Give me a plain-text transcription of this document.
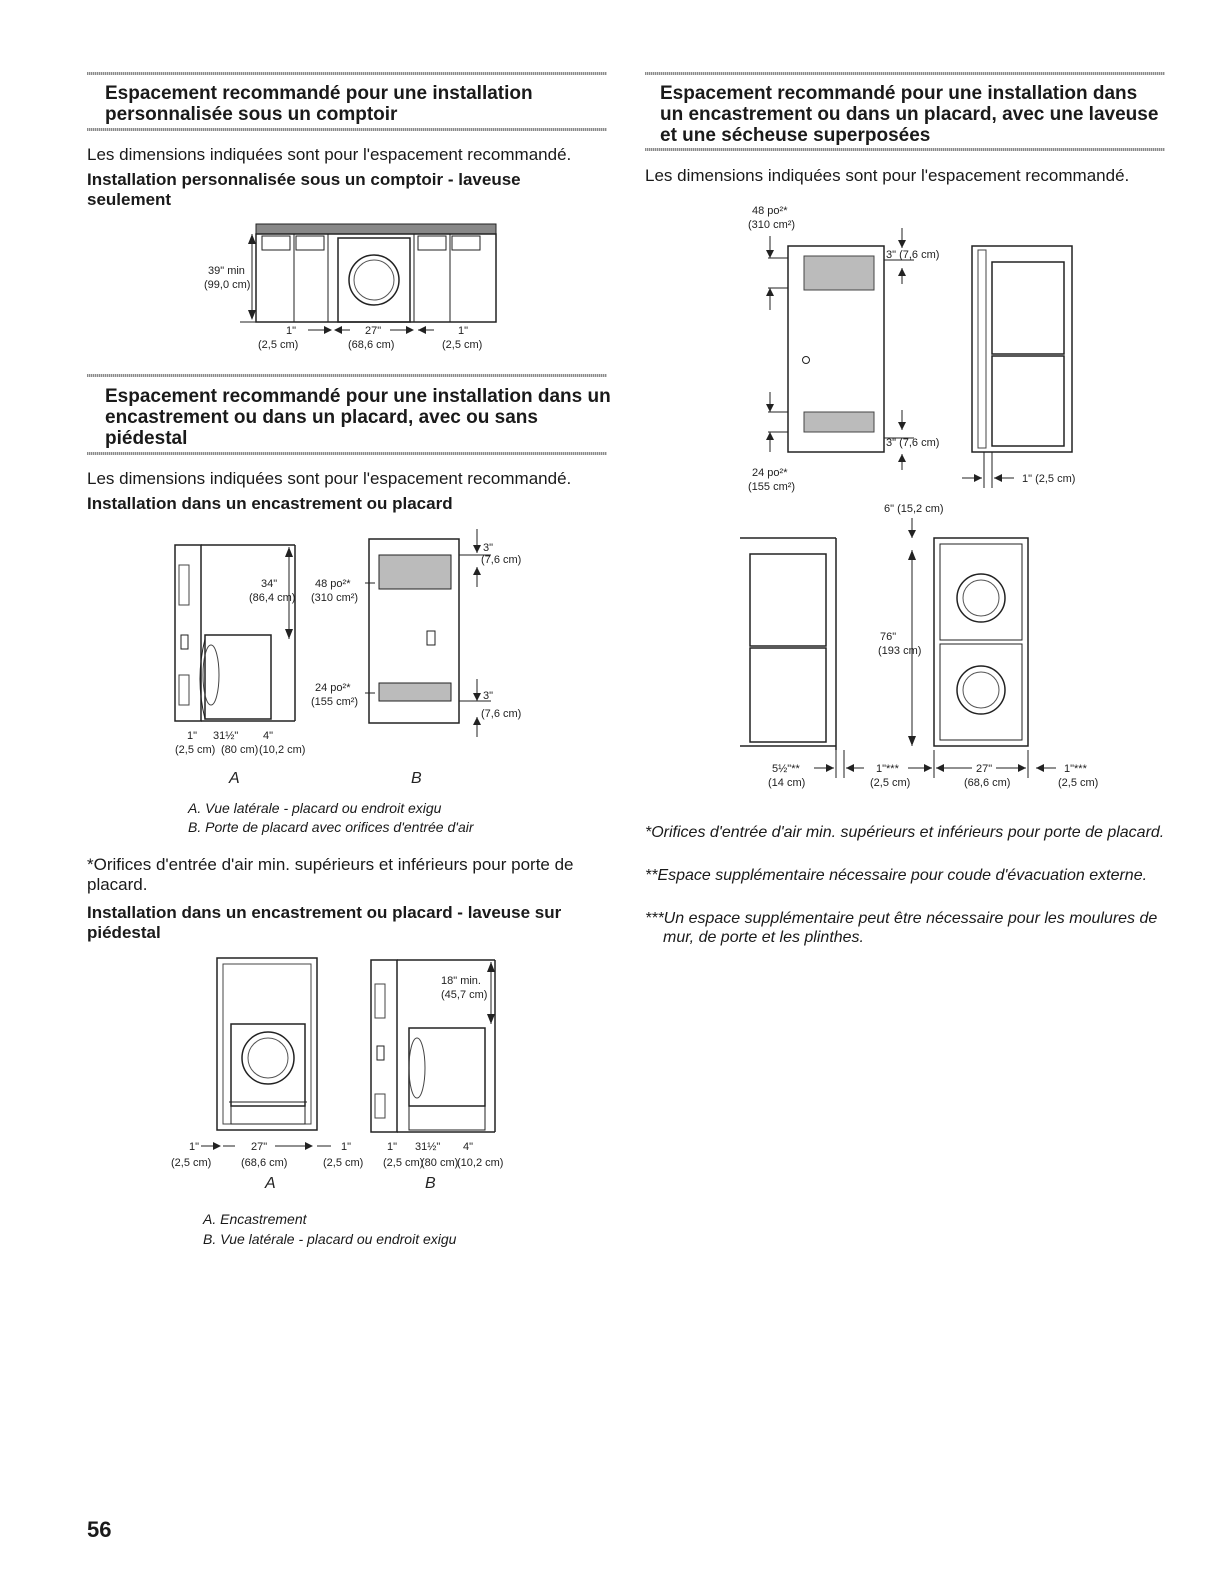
Espacement recommandé pour une installation personnalisée sous un comptoir
Les dimensions indiquées sont pour l'espacement recommandé.
Installation personnalisée sous un comptoir - laveuse seulement
39" min
(99,0 cm)
1"
(2,5 cm)
27"
(68,6 cm)
1"
(2,5 cm)
Espacement recommandé pour une installation dans un encastrement ou dans un placard, avec ou sans piédestal
Les dimensions indiquées sont pour l'espacement recommandé.
Installation dans un encastrement ou placard
34"
(86,4 cm)
1" 31½" 4"
(2,5 cm) (80 cm) (10,2 cm)
48 po²*
(310 cm²)
24 po²*
(155 cm²)
3"
(7,6 cm)
3"
(7,6 cm)
A	B
A. Vue latérale - placard ou endroit exigu
B. Porte de placard avec orifices d'entrée d'air
*Orifices d'entrée d'air min. supérieurs et inférieurs pour porte de placard.
Installation dans un encastrement ou placard - laveuse sur piédestal
1"
(2,5 cm)
27"
(68,6 cm)
1"
(2,5 cm)
18" min.
(45,7 cm)
1" 31½" 4"
(2,5 cm)
(80 cm)
(10,2 cm)
A	B
A. Encastrement
B. Vue latérale - placard ou endroit exigu
Espacement recommandé pour une installation dans un encastrement ou dans un placard, avec une laveuse et une sécheuse superposées
Les dimensions indiquées sont pour l'espacement recommandé.
48 po²*
(310 cm²)
24 po²*
(155 cm²)
3" (7,6 cm)
3" (7,6 cm)
1" (2,5 cm)
6" (15,2 cm)
76"
(193 cm)
5½"**
(14 cm)
1"***
(2,5 cm)
27"
(68,6 cm)
1"***
(2,5 cm)
*Orifices d'entrée d'air min. supérieurs et inférieurs pour porte de placard.
**Espace supplémentaire nécessaire pour coude d'évacuation externe.
***Un espace supplémentaire peut être nécessaire pour les moulures de mur, de porte et les plinthes.
56
